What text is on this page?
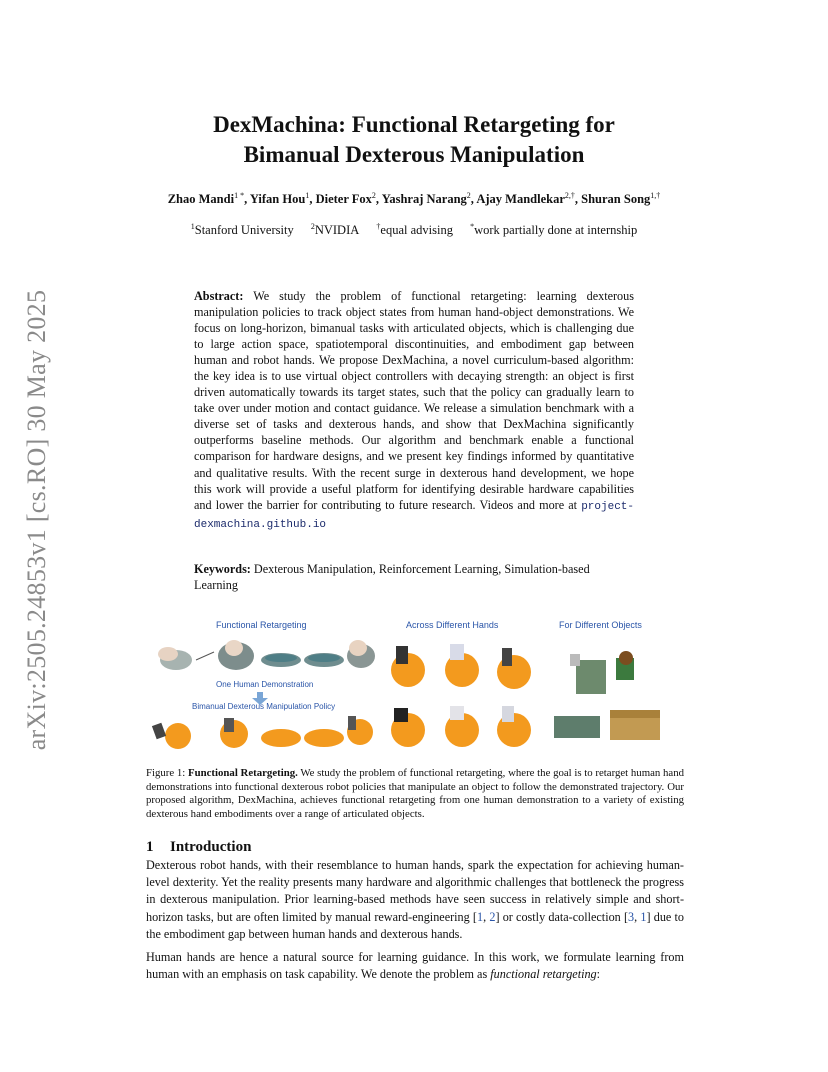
arXiv:2505.24853v1 [cs.RO] 30 May 2025
DexMachina: Functional Retargeting for
Bimanual Dexterous Manipulation
Zhao Mandi$^{1 *}$, Yifan Hou$^1$, Dieter Fox$^2$, Yashraj Narang$^2$, Ajay Mandlekar$^{2,\dagger}$, Shuran Song$^{1,\dagger}$
$^1$Stanford University $^2$NVIDIA †equal advising *work partially done at internship
Abstract: We study the problem of functional retargeting: learning dexterous manipulation policies to track object states from human hand-object demonstrations. We focus on long-horizon, bimanual tasks with articulated objects, which is challenging due to large action space, spatiotemporal discontinuities, and embodiment gap between human and robot hands. We propose DexMachina, a novel curriculum-based algorithm: the key idea is to use virtual object controllers with decaying strength: an object is first driven automatically towards its target states, such that the policy can gradually learn to take over under motion and contact guidance. We release a simulation benchmark with a diverse set of tasks and dexterous hands, and show that DexMachina significantly outperforms baseline methods. Our algorithm and benchmark enable a functional comparison for hardware designs, and we present key findings informed by quantitative and qualitative results. With the recent surge in dexterous hand development, we hope this work will provide a useful platform for identifying desirable hardware capabilities and lower the barrier for contributing to future research. Videos and more at project-dexmachina.github.io
Keywords: Dexterous Manipulation, Reinforcement Learning, Simulation-based Learning
Functional Retargeting	Across Different Hands	For Different Objects
One Human Demonstration
Bimanual Dexterous Manipulation Policy
Figure 1: Functional Retargeting. We study the problem of functional retargeting, where the goal is to retarget human hand demonstrations into functional dexterous robot policies that manipulate an object to follow the demonstrated trajectory. Our proposed algorithm, DexMachina, achieves functional retargeting from one human demonstration to a variety of existing dexterous hand embodiments over a range of articulated objects.
1 Introduction
Dexterous robot hands, with their resemblance to human hands, spark the expectation for achieving human-level dexterity. Yet the reality presents many hardware and algorithmic challenges that bottleneck the progress in dexterous manipulation. Prior learning-based methods have seen success in relatively simple and short-horizon tasks, but are often limited by manual reward-engineering [1, 2] or costly data-collection [3, 1] due to the embodiment gap between human hands and dexterous hands.
Human hands are hence a natural source for learning guidance. In this work, we formulate learning from human with an emphasis on task capability. We denote the problem as functional retargeting:
